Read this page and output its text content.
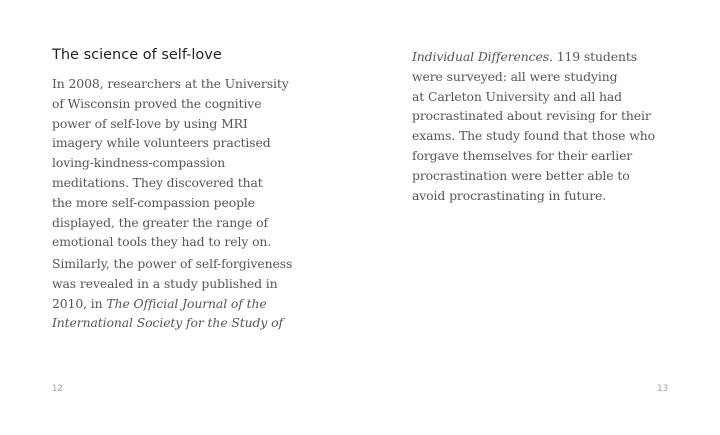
The science of self-love
In 2008, researchers at the University
of Wisconsin proved the cognitive
power of self-love by using MRI
imagery while volunteers practised
loving-kindness-compassion
meditations. They discovered that
the more self-compassion people
displayed, the greater the range of
emotional tools they had to rely on.
Similarly, the power of self-forgiveness
was revealed in a study published in
2010, in The Official Journal of the
International Society for the Study of
12
Individual Differences. 119 students
were surveyed: all were studying
at Carleton University and all had
procrastinated about revising for their
exams. The study found that those who
forgave themselves for their earlier
procrastination were better able to
avoid procrastinating in future.
13
